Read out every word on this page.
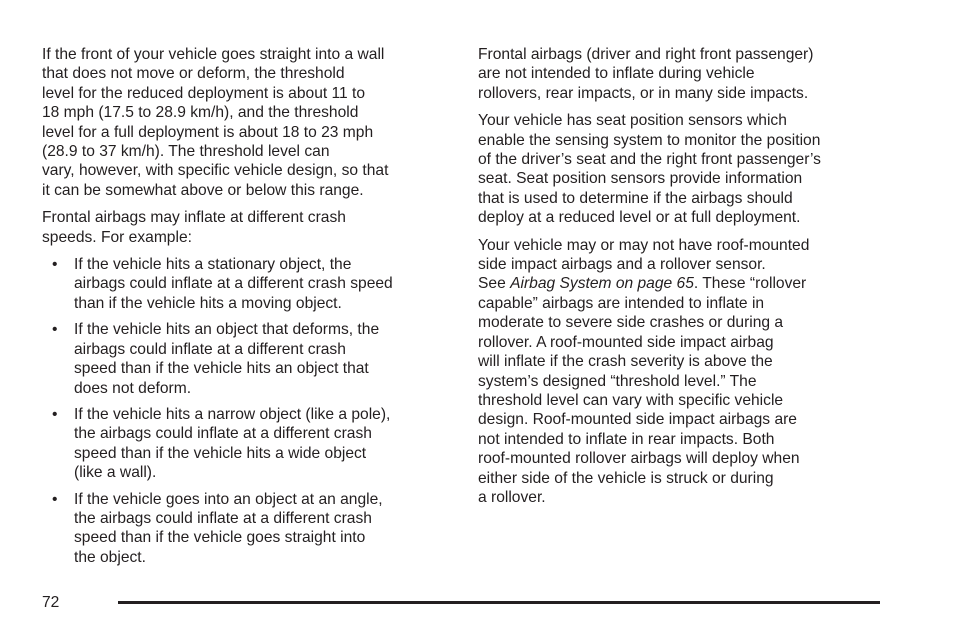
If the front of your vehicle goes straight into a wall
that does not move or deform, the threshold
level for the reduced deployment is about 11 to
18 mph (17.5 to 28.9 km/h), and the threshold
level for a full deployment is about 18 to 23 mph
(28.9 to 37 km/h). The threshold level can
vary, however, with specific vehicle design, so that
it can be somewhat above or below this range.

Frontal airbags may inflate at different crash
speeds. For example:

• If the vehicle hits a stationary object, the
airbags could inflate at a different crash speed
than if the vehicle hits a moving object.
• If the vehicle hits an object that deforms, the
airbags could inflate at a different crash
speed than if the vehicle hits an object that
does not deform.
• If the vehicle hits a narrow object (like a pole),
the airbags could inflate at a different crash
speed than if the vehicle hits a wide object
(like a wall).
• If the vehicle goes into an object at an angle,
the airbags could inflate at a different crash
speed than if the vehicle goes straight into
the object.

Frontal airbags (driver and right front passenger)
are not intended to inflate during vehicle
rollovers, rear impacts, or in many side impacts.

Your vehicle has seat position sensors which
enable the sensing system to monitor the position
of the driver’s seat and the right front passenger’s
seat. Seat position sensors provide information
that is used to determine if the airbags should
deploy at a reduced level or at full deployment.

Your vehicle may or may not have roof-mounted
side impact airbags and a rollover sensor.
See Airbag System on page 65. These “rollover
capable” airbags are intended to inflate in
moderate to severe side crashes or during a
rollover. A roof-mounted side impact airbag
will inflate if the crash severity is above the
system’s designed “threshold level.” The
threshold level can vary with specific vehicle
design. Roof-mounted side impact airbags are
not intended to inflate in rear impacts. Both
roof-mounted rollover airbags will deploy when
either side of the vehicle is struck or during
a rollover.

72
